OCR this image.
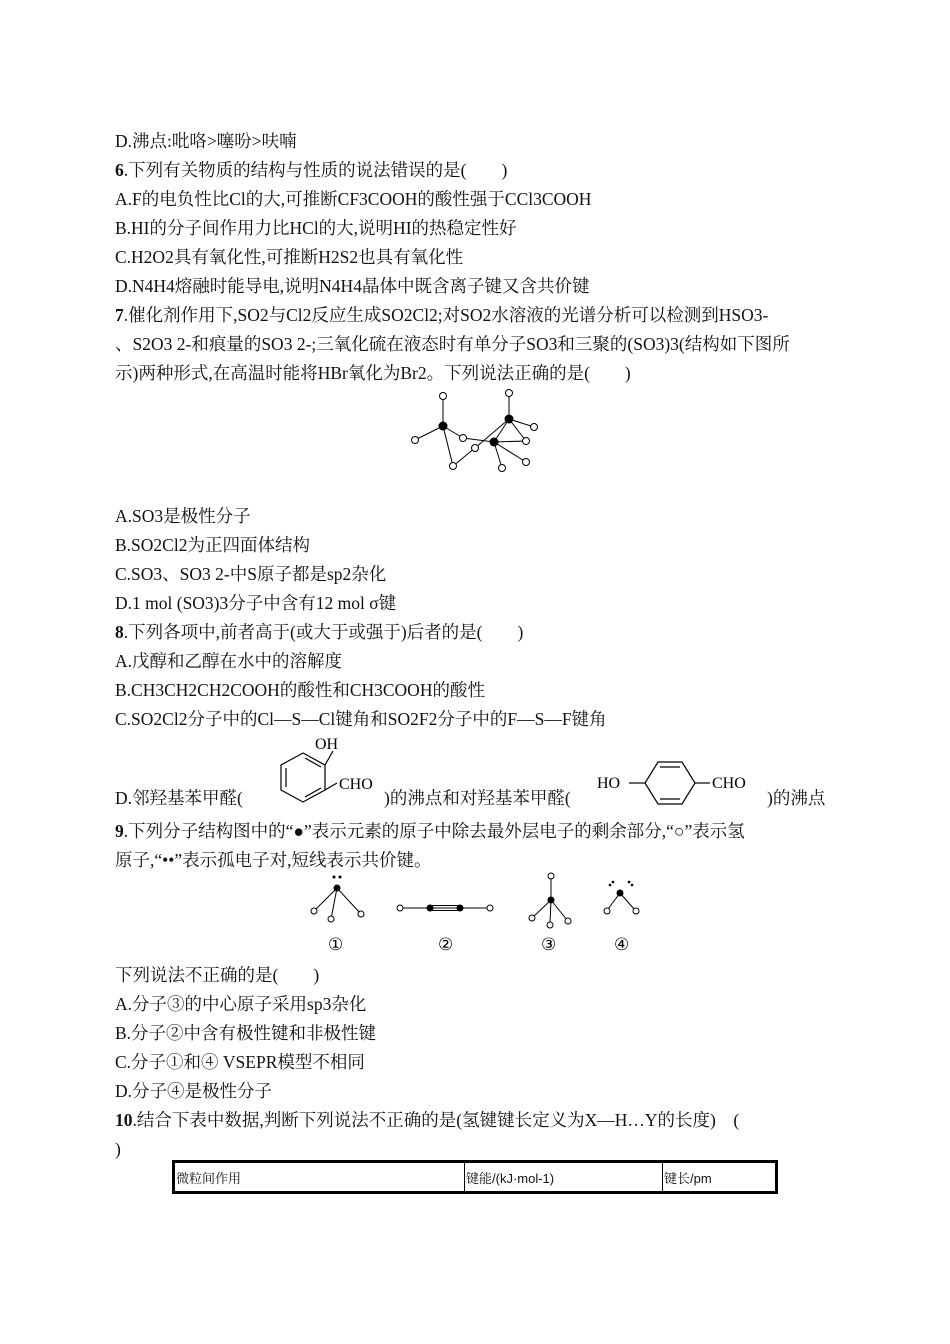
D.沸点:吡咯>噻吩>呋喃
6.下列有关物质的结构与性质的说法错误的是(　　)
A.F的电负性比Cl的大,可推断CF3COOH的酸性强于CCl3COOH
B.HI的分子间作用力比HCl的大,说明HI的热稳定性好
C.H2O2具有氧化性,可推断H2S2也具有氧化性
D.N4H4熔融时能导电,说明N4H4晶体中既含离子键又含共价键
7.催化剂作用下,SO2与Cl2反应生成SO2Cl2;对SO2水溶液的光谱分析可以检测到HSO3-
、S2O3 2-和痕量的SO3 2-;三氧化硫在液态时有单分子SO3和三聚的(SO3)3(结构如下图所
示)两种形式,在高温时能将HBr氧化为Br2。下列说法正确的是(　　)
A.SO3是极性分子
B.SO2Cl2为正四面体结构
C.SO3、SO3 2-中S原子都是sp2杂化
D.1 mol (SO3)3分子中含有12 mol σ键
8.下列各项中,前者高于(或大于或强于)后者的是(　　)
A.戊醇和乙醇在水中的溶解度
B.CH3CH2CH2COOH的酸性和CH3COOH的酸性
C.SO2Cl2分子中的Cl—S—Cl键角和SO2F2分子中的F—S—F键角
D.邻羟基苯甲醛(
OH
CHO
)的沸点和对羟基苯甲醛(
HO	CHO
)的沸点
9.下列分子结构图中的“●”表示元素的原子中除去最外层电子的剩余部分,“○”表示氢
原子,“••”表示孤电子对,短线表示共价键。
①	②	③	④
下列说法不正确的是(　　)
A.分子③的中心原子采用sp3杂化
B.分子②中含有极性键和非极性键
C.分子①和④ VSEPR模型不相同
D.分子④是极性分子
10.结合下表中数据,判断下列说法不正确的是(氢键键长定义为X—H…Y的长度)　(
)
微粒间作用	键能/(kJ·mol-1)	键长/pm
